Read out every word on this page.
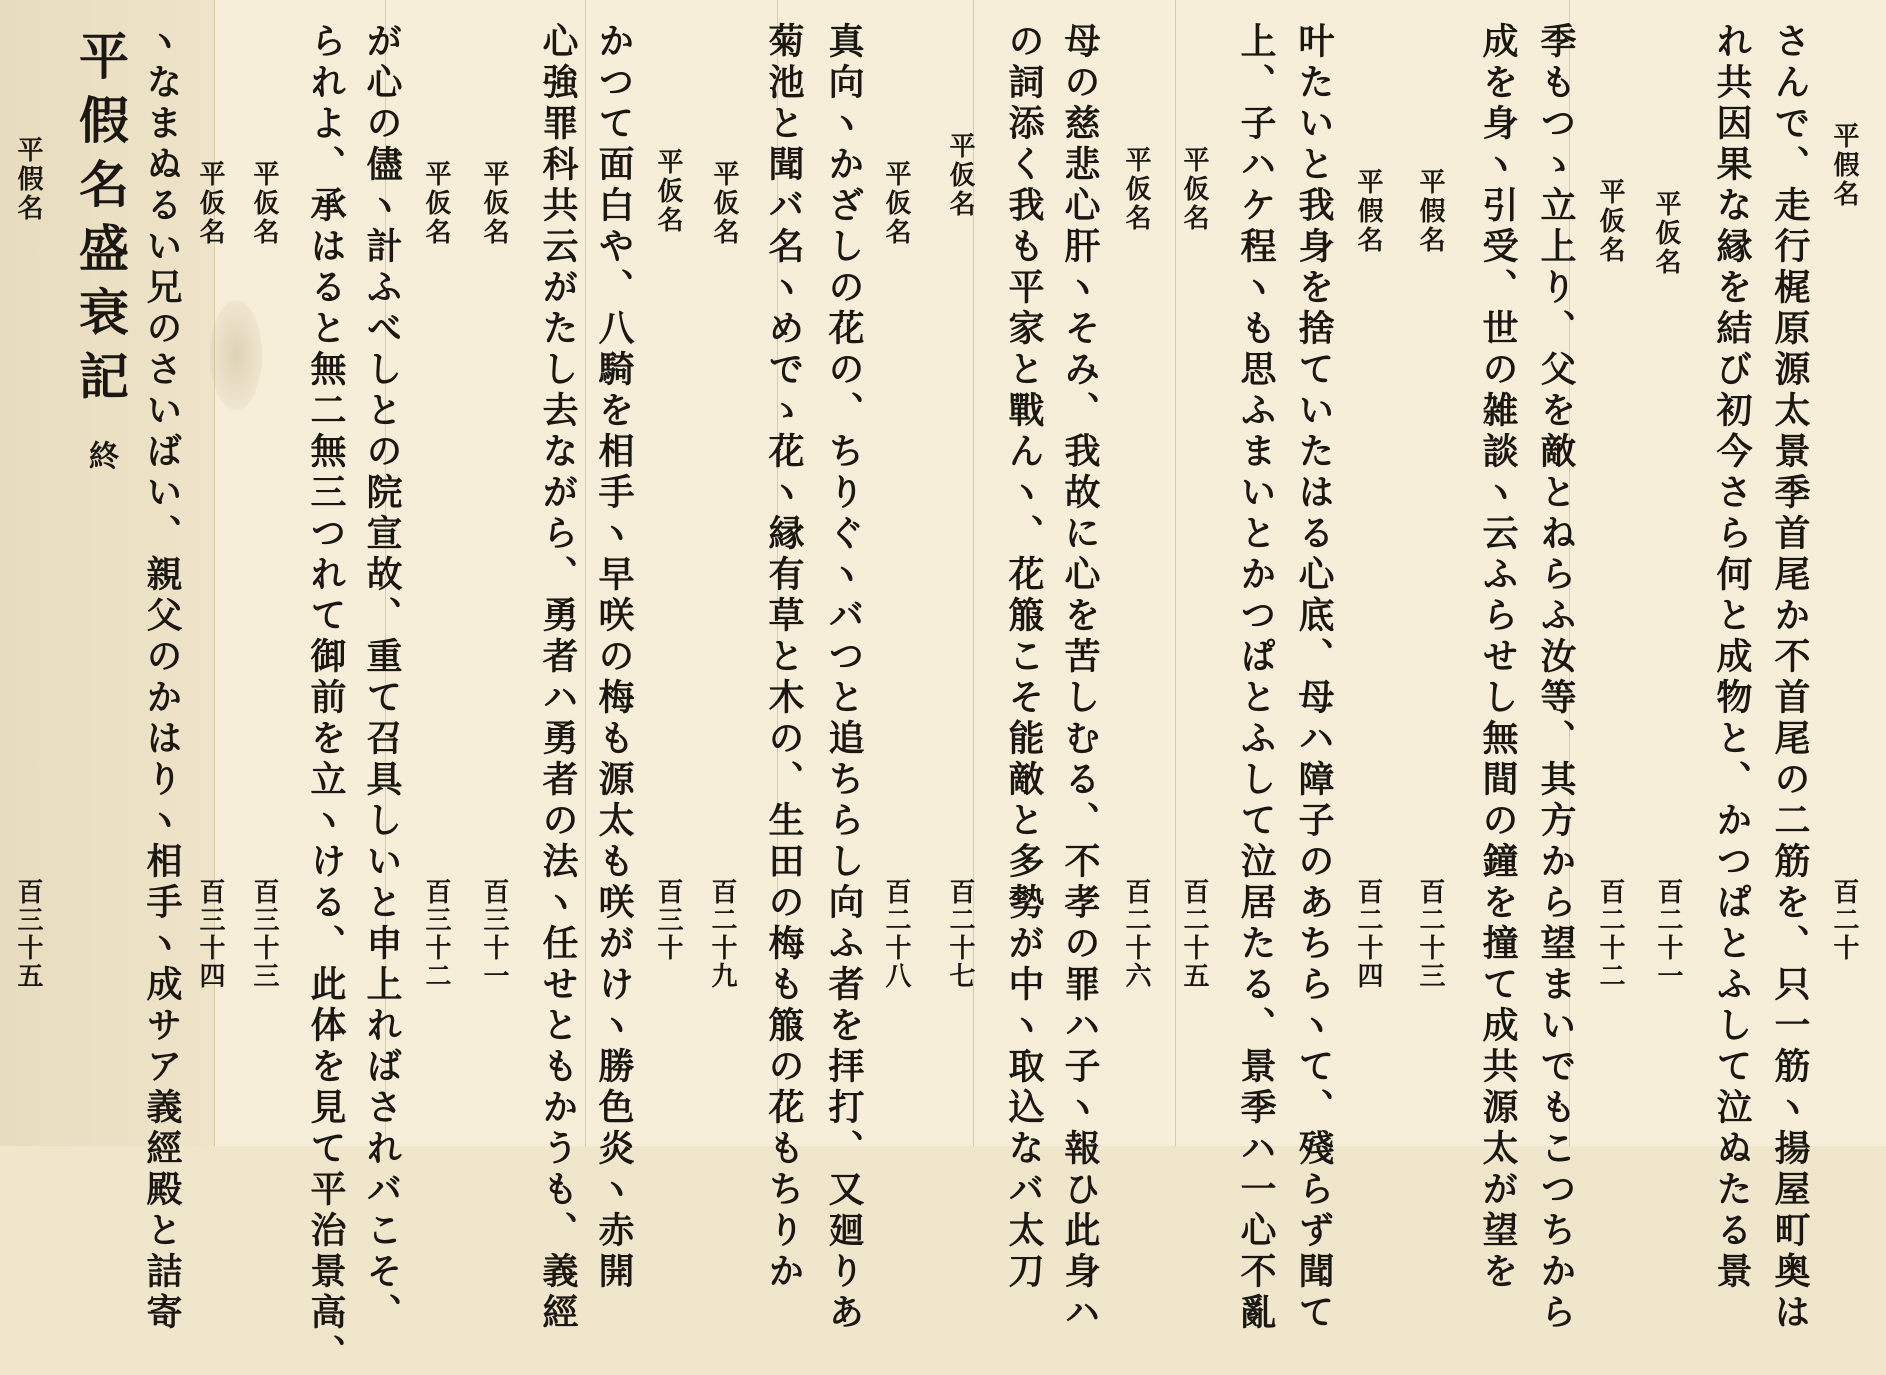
平假名
さんで、走行梶原源太景季首尾か不首尾の二筋を、只一筋ヽ揚屋町奥は 百二十
れ共因果な縁を結び初今さら何と成物と、かつぱとふして泣ぬたる景
平仮名
百二十一
平仮名
季もつゝ立上り、父を敵とねらふ汝等、其方から望まいでもこつちから 百二十二
平假名 成を身ヽ引受、世の雑談ヽ云ふらせし無間の鐘を撞て成共源太が望を
百二十三
平假名
叶たいと我身を捨ていたはる心底、母ハ障子のあちらヽて、殘らず聞て 百二十四
平仮名 上、子ハケ程ヽも思ふまいとかつぱとふして泣居たる、景季ハ一心不亂
百二十五
平仮名
母の慈悲心肝ヽそみ、我故に心を苦しむる、不孝の罪ハ子ヽ報ひ此身ハ 百二十六
平仮名 の詞添く我も平家と戰んヽ、花箙こそ能敵と多勢が中ヽ取込なバ太刀
百二十七
平仮名
真向ヽかざしの花の、ちりぐヽバつと追ちらし向ふ者を拝打、又廻りあ 百二十八
平仮名 菊池と聞バ名ヽめでゝ花ヽ縁有草と木の、生田の梅も箙の花もちりか
百二十九
平仮名
かつて面白や、八騎を相手ヽ早咲の梅も源太も咲がけヽ勝色炎ヽ赤開 百三十
平仮名 心強罪科共云がたし去ながら、勇者ハ勇者の法ヽ任せともかうも、義經
百三十一
平仮名
が心の儘ヽ計ふべしとの院宣故、重て召具しいと申上ればされバこそ、 百三十二
平仮名 られよ、承はると無二無三つれて御前を立ヽける、此体を見て平治景高、
百三十三
平仮名
ヽなまぬるい兄のさいばい、親父のかはりヽ相手ヽ成サア義經殿と詰寄 百三十四
平假名盛衰記終
平假名
百三十五
